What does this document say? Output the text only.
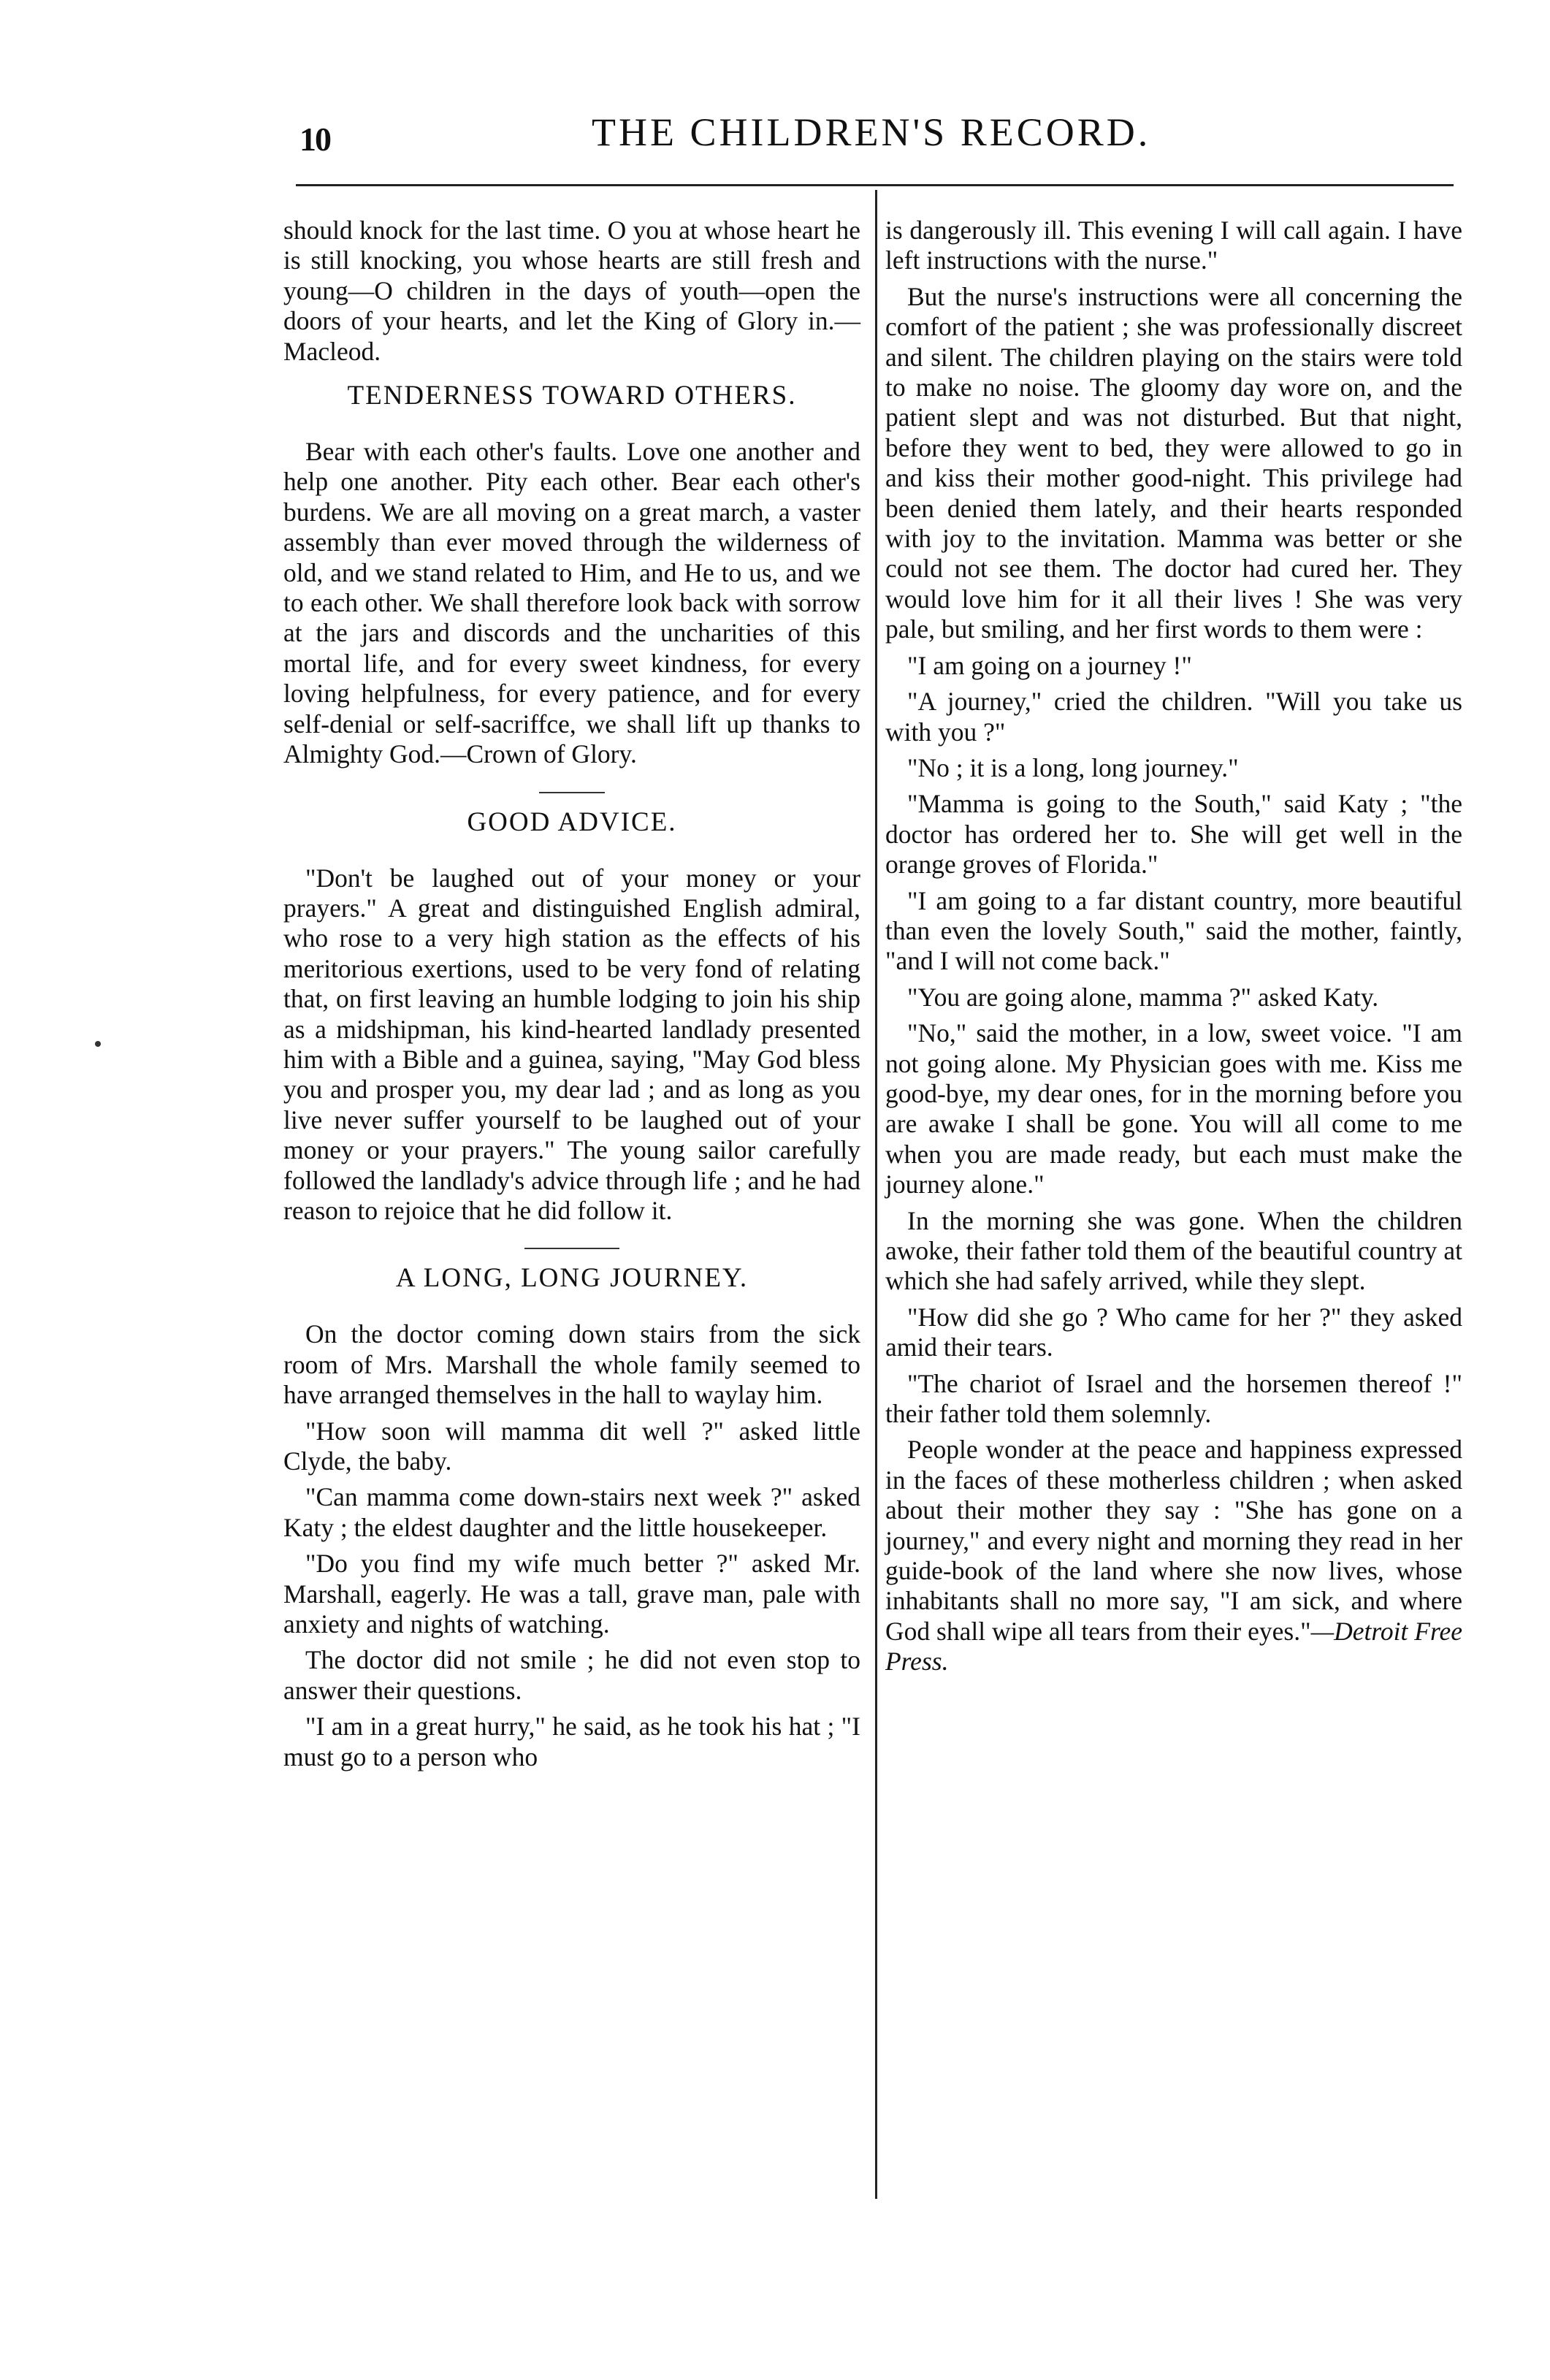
10	THE CHILDREN'S RECORD.

should knock for the last time. O you at whose heart he is still knocking, you whose hearts are still fresh and young—O children in the days of youth—open the doors of your hearts, and let the King of Glory in.—Macleod.

TENDERNESS TOWARD OTHERS.

Bear with each other's faults. Love one another and help one another. Pity each other. Bear each other's burdens. We are all moving on a great march, a vaster assembly than ever moved through the wilderness of old, and we stand related to Him, and He to us, and we to each other. We shall therefore look back with sorrow at the jars and discords and the uncharities of this mortal life, and for every sweet kindness, for every loving helpfulness, for every patience, and for every self-denial or self-sacriffce, we shall lift up thanks to Almighty God.—Crown of Glory.

GOOD ADVICE.

"Don't be laughed out of your money or your prayers." A great and distinguished English admiral, who rose to a very high station as the effects of his meritorious exertions, used to be very fond of relating that, on first leaving an humble lodging to join his ship as a midshipman, his kind-hearted landlady presented him with a Bible and a guinea, saying, "May God bless you and prosper you, my dear lad ; and as long as you live never suffer yourself to be laughed out of your money or your prayers." The young sailor carefully followed the landlady's advice through life ; and he had reason to rejoice that he did follow it.

A LONG, LONG JOURNEY.

On the doctor coming down stairs from the sick room of Mrs. Marshall the whole family seemed to have arranged themselves in the hall to waylay him.

"How soon will mamma dit well ?" asked little Clyde, the baby.

"Can mamma come down-stairs next week ?" asked Katy ; the eldest daughter and the little housekeeper.

"Do you find my wife much better ?" asked Mr. Marshall, eagerly. He was a tall, grave man, pale with anxiety and nights of watching.

The doctor did not smile ; he did not even stop to answer their questions.

"I am in a great hurry," he said, as he took his hat ; "I must go to a person who

is dangerously ill. This evening I will call again. I have left instructions with the nurse."

But the nurse's instructions were all concerning the comfort of the patient ; she was professionally discreet and silent. The children playing on the stairs were told to make no noise. The gloomy day wore on, and the patient slept and was not disturbed. But that night, before they went to bed, they were allowed to go in and kiss their mother good-night. This privilege had been denied them lately, and their hearts responded with joy to the invitation. Mamma was better or she could not see them. The doctor had cured her. They would love him for it all their lives ! She was very pale, but smiling, and her first words to them were :

"I am going on a journey !"

"A journey," cried the children. "Will you take us with you ?"

"No ; it is a long, long journey."

"Mamma is going to the South," said Katy ; "the doctor has ordered her to. She will get well in the orange groves of Florida."

"I am going to a far distant country, more beautiful than even the lovely South," said the mother, faintly, "and I will not come back."

"You are going alone, mamma ?" asked Katy.

"No," said the mother, in a low, sweet voice. "I am not going alone. My Physician goes with me. Kiss me good-bye, my dear ones, for in the morning before you are awake I shall be gone. You will all come to me when you are made ready, but each must make the journey alone."

In the morning she was gone. When the children awoke, their father told them of the beautiful country at which she had safely arrived, while they slept.

"How did she go ? Who came for her ?" they asked amid their tears.

"The chariot of Israel and the horsemen thereof !" their father told them solemnly.

People wonder at the peace and happiness expressed in the faces of these motherless children ; when asked about their mother they say : "She has gone on a journey," and every night and morning they read in her guide-book of the land where she now lives, whose inhabitants shall no more say, "I am sick, and where God shall wipe all tears from their eyes."—Detroit Free Press.
